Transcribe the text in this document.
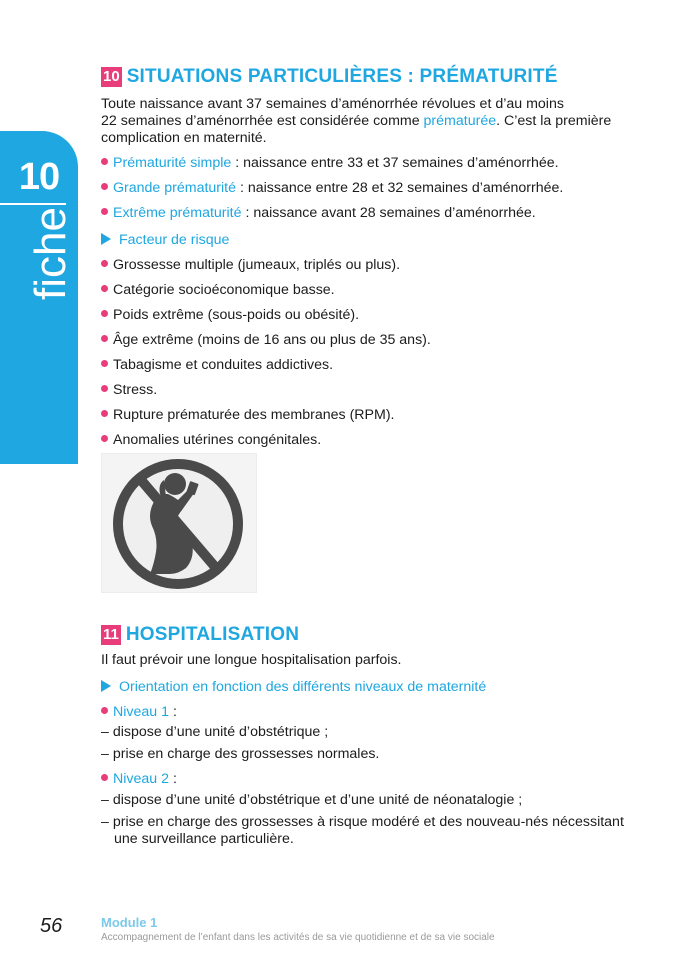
10
fiche
10 SITUATIONS PARTICULIÈRES : PRÉMATURITÉ
Toute naissance avant 37 semaines d’aménorrhée révolues et d’au moins
22 semaines d’aménorrhée est considérée comme prématurée. C’est la première
complication en maternité.
Prématurité simple : naissance entre 33 et 37 semaines d’aménorrhée.
Grande prématurité : naissance entre 28 et 32 semaines d’aménorrhée.
Extrême prématurité : naissance avant 28 semaines d’aménorrhée.
Facteur de risque
Grossesse multiple (jumeaux, triplés ou plus).
Catégorie socioéconomique basse.
Poids extrême (sous-poids ou obésité).
Âge extrême (moins de 16 ans ou plus de 35 ans).
Tabagisme et conduites addictives.
Stress.
Rupture prématurée des membranes (RPM).
Anomalies utérines congénitales.
11 HOSPITALISATION
Il faut prévoir une longue hospitalisation parfois.
Orientation en fonction des différents niveaux de maternité
Niveau 1 :
– dispose d’une unité d’obstétrique ;
– prise en charge des grossesses normales.
Niveau 2 :
– dispose d’une unité d’obstétrique et d’une unité de néonatalogie ;
– prise en charge des grossesses à risque modéré et des nouveau-nés nécessitant
une surveillance particulière.
56	Module 1
Accompagnement de l’enfant dans les activités de sa vie quotidienne et de sa vie sociale
